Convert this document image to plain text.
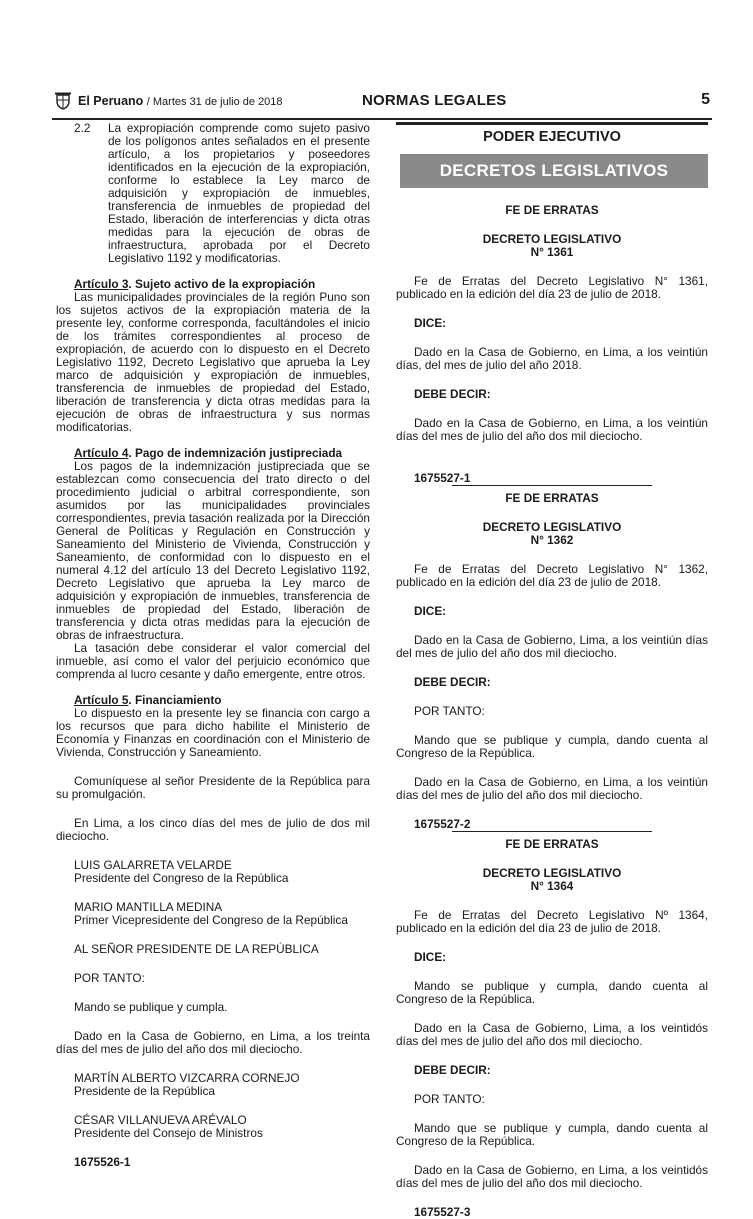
El Peruano / Martes 31 de julio de 2018	NORMAS LEGALES	5
2.2	La expropiación comprende como sujeto pasivo de los polígonos antes señalados en el presente artículo, a los propietarios y poseedores identificados en la ejecución de la expropiación, conforme lo establece la Ley marco de adquisición y expropiación de inmuebles, transferencia de inmuebles de propiedad del Estado, liberación de interferencias y dicta otras medidas para la ejecución de obras de infraestructura, aprobada por el Decreto Legislativo 1192 y modificatorias.

Artículo 3. Sujeto activo de la expropiación

Las municipalidades provinciales de la región Puno son los sujetos activos de la expropiación materia de la presente ley, conforme corresponda, facultándoles el inicio de los trámites correspondientes al proceso de expropiación, de acuerdo con lo dispuesto en el Decreto Legislativo 1192, Decreto Legislativo que aprueba la Ley marco de adquisición y expropiación de inmuebles, transferencia de inmuebles de propiedad del Estado, liberación de transferencia y dicta otras medidas para la ejecución de obras de infraestructura y sus normas modificatorias.

Artículo 4. Pago de indemnización justipreciada

Los pagos de la indemnización justipreciada que se establezcan como consecuencia del trato directo o del procedimiento judicial o arbitral correspondiente, son asumidos por las municipalidades provinciales correspondientes, previa tasación realizada por la Dirección General de Políticas y Regulación en Construcción y Saneamiento del Ministerio de Vivienda, Construcción y Saneamiento, de conformidad con lo dispuesto en el numeral 4.12 del artículo 13 del Decreto Legislativo 1192, Decreto Legislativo que aprueba la Ley marco de adquisición y expropiación de inmuebles, transferencia de inmuebles de propiedad del Estado, liberación de transferencia y dicta otras medidas para la ejecución de obras de infraestructura.

La tasación debe considerar el valor comercial del inmueble, así como el valor del perjuicio económico que comprenda al lucro cesante y daño emergente, entre otros.

Artículo 5. Financiamiento

Lo dispuesto en la presente ley se financia con cargo a los recursos que para dicho habilite el Ministerio de Economía y Finanzas en coordinación con el Ministerio de Vivienda, Construcción y Saneamiento.

Comuníquese al señor Presidente de la República para su promulgación.

En Lima, a los cinco días del mes de julio de dos mil dieciocho.

LUIS GALARRETA VELARDE

Presidente del Congreso de la República

MARIO MANTILLA MEDINA

Primer Vicepresidente del Congreso de la República

AL SEÑOR PRESIDENTE DE LA REPÚBLICA

POR TANTO:

Mando se publique y cumpla.

Dado en la Casa de Gobierno, en Lima, a los treinta días del mes de julio del año dos mil dieciocho.

MARTÍN ALBERTO VIZCARRA CORNEJO

Presidente de la República

CÉSAR VILLANUEVA ARÉVALO

Presidente del Consejo de Ministros

1675526-1

PODER EJECUTIVO
DECRETOS LEGISLATIVOS

FE DE ERRATAS

DECRETO LEGISLATIVO

N° 1361

Fe de Erratas del Decreto Legislativo N° 1361, publicado en la edición del día 23 de julio de 2018.

DICE:

Dado en la Casa de Gobierno, en Lima, a los veintiún días, del mes de julio del año 2018.

DEBE DECIR:

Dado en la Casa de Gobierno, en Lima, a los veintiún días del mes de julio del año dos mil dieciocho.

1675527-1

FE DE ERRATAS

DECRETO LEGISLATIVO

N° 1362

Fe de Erratas del Decreto Legislativo N° 1362, publicado en la edición del día 23 de julio de 2018.

DICE:

Dado en la Casa de Gobierno, Lima, a los veintiún días del mes de julio del año dos mil dieciocho.

DEBE DECIR:

POR TANTO:

Mando que se publique y cumpla, dando cuenta al Congreso de la República.

Dado en la Casa de Gobierno, en Lima, a los veintiún días del mes de julio del año dos mil dieciocho.

1675527-2

FE DE ERRATAS

DECRETO LEGISLATIVO

N° 1364

Fe de Erratas del Decreto Legislativo Nº 1364, publicado en la edición del día 23 de julio de 2018.

DICE:

Mando se publique y cumpla, dando cuenta al Congreso de la República.

Dado en la Casa de Gobierno, Lima, a los veintidós días del mes de julio del año dos mil dieciocho.

DEBE DECIR:

POR TANTO:

Mando que se publique y cumpla, dando cuenta al Congreso de la República.

Dado en la Casa de Gobierno, en Lima, a los veintidós días del mes de julio del año dos mil dieciocho.

1675527-3
